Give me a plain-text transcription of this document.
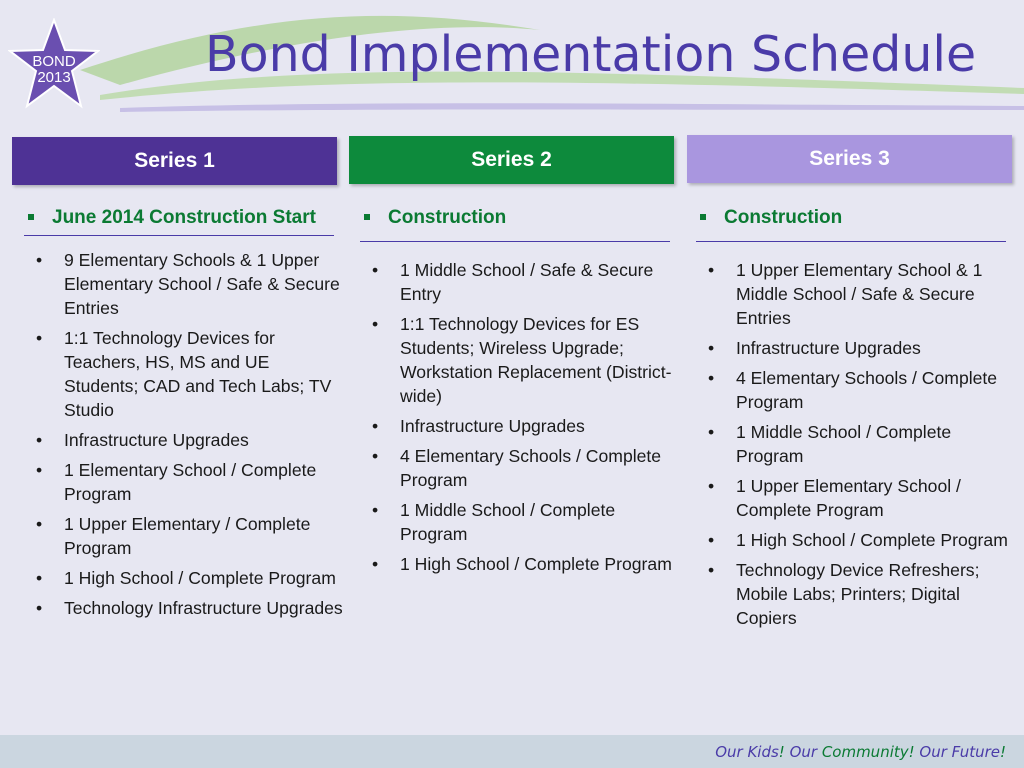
BOND
2013	Bond Implementation Schedule
Series 1	Series 2	Series 3
June 2014 Construction Start
• 9 Elementary Schools & 1 Upper Elementary School / Safe & Secure Entries
• 1:1 Technology Devices for Teachers, HS, MS and UE Students; CAD and Tech Labs; TV Studio
• Infrastructure Upgrades
• 1 Elementary School / Complete Program
• 1 Upper Elementary / Complete Program
• 1 High School / Complete Program
• Technology Infrastructure Upgrades
Construction
• 1 Middle School / Safe & Secure Entry
• 1:1 Technology Devices for ES Students; Wireless Upgrade; Workstation Replacement (District-wide)
• Infrastructure Upgrades
• 4 Elementary Schools / Complete Program
• 1 Middle School / Complete Program
• 1 High School / Complete Program
Construction
• 1 Upper Elementary School & 1 Middle School / Safe & Secure Entries
• Infrastructure Upgrades
• 4 Elementary Schools / Complete Program
• 1 Middle School / Complete Program
• 1 Upper Elementary School / Complete Program
• 1 High School / Complete Program
• Technology Device Refreshers; Mobile Labs; Printers; Digital Copiers
Our Kids! Our Community! Our Future!
